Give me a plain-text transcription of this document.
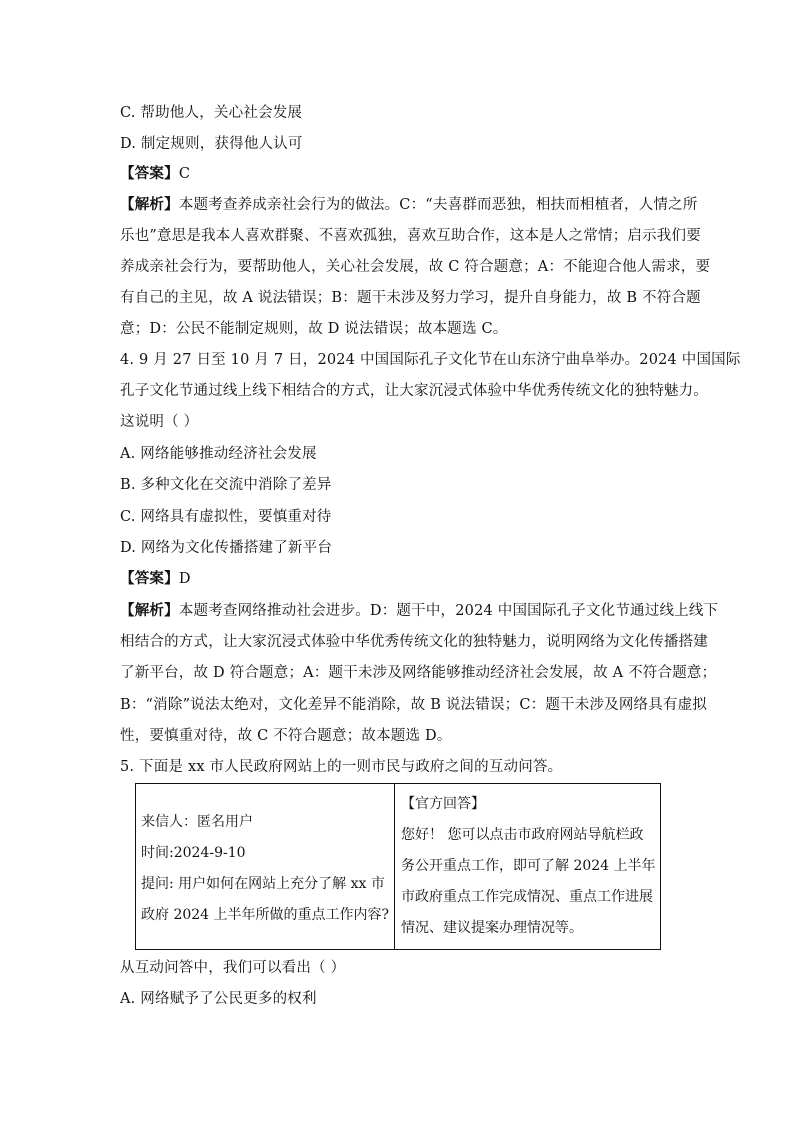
C. 帮助他人，关心社会发展
D. 制定规则，获得他人认可
【答案】C
【解析】本题考查养成亲社会行为的做法。C：“夫喜群而恶独，相扶而相植者，人情之所
乐也”意思是我本人喜欢群聚、不喜欢孤独，喜欢互助合作，这本是人之常情；启示我们要
养成亲社会行为，要帮助他人，关心社会发展，故 C 符合题意；A：不能迎合他人需求，要
有自己的主见，故 A 说法错误；B：题干未涉及努力学习，提升自身能力，故 B 不符合题
意；D：公民不能制定规则，故 D 说法错误；故本题选 C。
4. 9 月 27 日至 10 月 7 日，2024 中国国际孔子文化节在山东济宁曲阜举办。2024 中国国际
孔子文化节通过线上线下相结合的方式，让大家沉浸式体验中华优秀传统文化的独特魅力。
这说明（ ）
A. 网络能够推动经济社会发展
B. 多种文化在交流中消除了差异
C. 网络具有虚拟性，要慎重对待
D. 网络为文化传播搭建了新平台
【答案】D
【解析】本题考查网络推动社会进步。D：题干中，2024 中国国际孔子文化节通过线上线下
相结合的方式，让大家沉浸式体验中华优秀传统文化的独特魅力，说明网络为文化传播搭建
了新平台，故 D 符合题意；A：题干未涉及网络能够推动经济社会发展，故 A 不符合题意；
B：“消除”说法太绝对，文化差异不能消除，故 B 说法错误；C：题干未涉及网络具有虚拟
性，要慎重对待，故 C 不符合题意；故本题选 D。
5. 下面是 xx 市人民政府网站上的一则市民与政府之间的互动问答。

来信人：匿名用户
时间:2024-9-10
提问: 用户如何在网站上充分了解 xx 市
政府 2024 上半年所做的重点工作内容?
【官方回答】
您好！ 您可以点击市政府网站导航栏政
务公开重点工作，即可了解 2024 上半年
市政府重点工作完成情况、重点工作进展
情况、建议提案办理情况等。
从互动问答中，我们可以看出（ ）
A. 网络赋予了公民更多的权利
